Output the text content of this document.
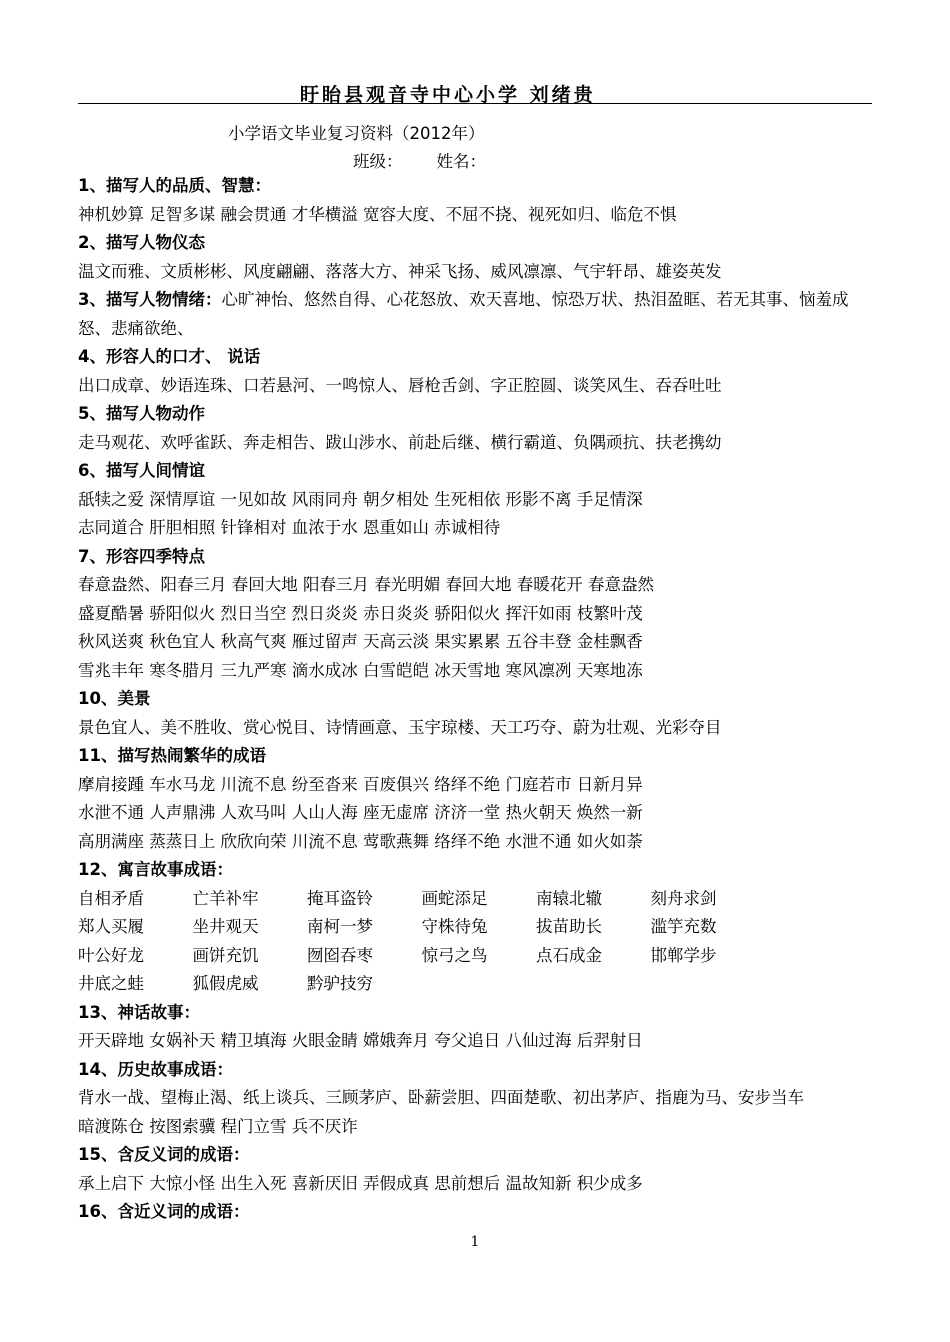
盱眙县观音寺中心小学 刘绪贵
小学语文毕业复习资料（2012年）
班级： 姓名：
1、描写人的品质、智慧：
神机妙算 足智多谋 融会贯通 才华横溢 宽容大度、不屈不挠、视死如归、临危不惧
2、描写人物仪态
温文而雅、文质彬彬、风度翩翩、落落大方、神采飞扬、威风凛凛、气宇轩昂、雄姿英发
3、描写人物情绪：心旷神怡、悠然自得、心花怒放、欢天喜地、惊恐万状、热泪盈眶、若无其事、恼羞成怒、悲痛欲绝、
4、形容人的口才、 说话
出口成章、妙语连珠、口若悬河、一鸣惊人、唇枪舌剑、字正腔圆、谈笑风生、吞吞吐吐
5、描写人物动作
走马观花、欢呼雀跃、奔走相告、跋山涉水、前赴后继、横行霸道、负隅顽抗、扶老携幼
6、描写人间情谊
舐犊之爱 深情厚谊 一见如故 风雨同舟 朝夕相处 生死相依 形影不离 手足情深
志同道合 肝胆相照 针锋相对 血浓于水 恩重如山 赤诚相待
7、形容四季特点
春意盎然、阳春三月 春回大地 阳春三月 春光明媚 春回大地 春暖花开 春意盎然
盛夏酷暑 骄阳似火 烈日当空 烈日炎炎 赤日炎炎 骄阳似火 挥汗如雨 枝繁叶茂
秋风送爽 秋色宜人 秋高气爽 雁过留声 天高云淡 果实累累 五谷丰登 金桂飘香
雪兆丰年 寒冬腊月 三九严寒 滴水成冰 白雪皑皑 冰天雪地 寒风凛冽 天寒地冻
10、美景
景色宜人、美不胜收、赏心悦目、诗情画意、玉宇琼楼、天工巧夺、蔚为壮观、光彩夺目
11、描写热闹繁华的成语
摩肩接踵 车水马龙 川流不息 纷至沓来 百废俱兴 络绎不绝 门庭若市 日新月异
水泄不通 人声鼎沸 人欢马叫 人山人海 座无虚席 济济一堂 热火朝天 焕然一新
高朋满座 蒸蒸日上 欣欣向荣 川流不息 莺歌燕舞 络绎不绝 水泄不通 如火如荼
12、寓言故事成语：
自相矛盾	亡羊补牢	掩耳盗铃	画蛇添足	南辕北辙	刻舟求剑
郑人买履	坐井观天	南柯一梦	守株待兔	拔苗助长	滥竽充数
叶公好龙	画饼充饥	囫囵吞枣	惊弓之鸟	点石成金	邯郸学步
井底之蛙	狐假虎威	黔驴技穷
13、神话故事：
开天辟地 女娲补天 精卫填海 火眼金睛 嫦娥奔月 夸父追日 八仙过海 后羿射日
14、历史故事成语：
背水一战、望梅止渴、纸上谈兵、三顾茅庐、卧薪尝胆、四面楚歌、初出茅庐、指鹿为马、安步当车
暗渡陈仓 按图索骥 程门立雪 兵不厌诈
15、含反义词的成语：
承上启下 大惊小怪 出生入死 喜新厌旧 弄假成真 思前想后 温故知新 积少成多
16、含近义词的成语：
1
